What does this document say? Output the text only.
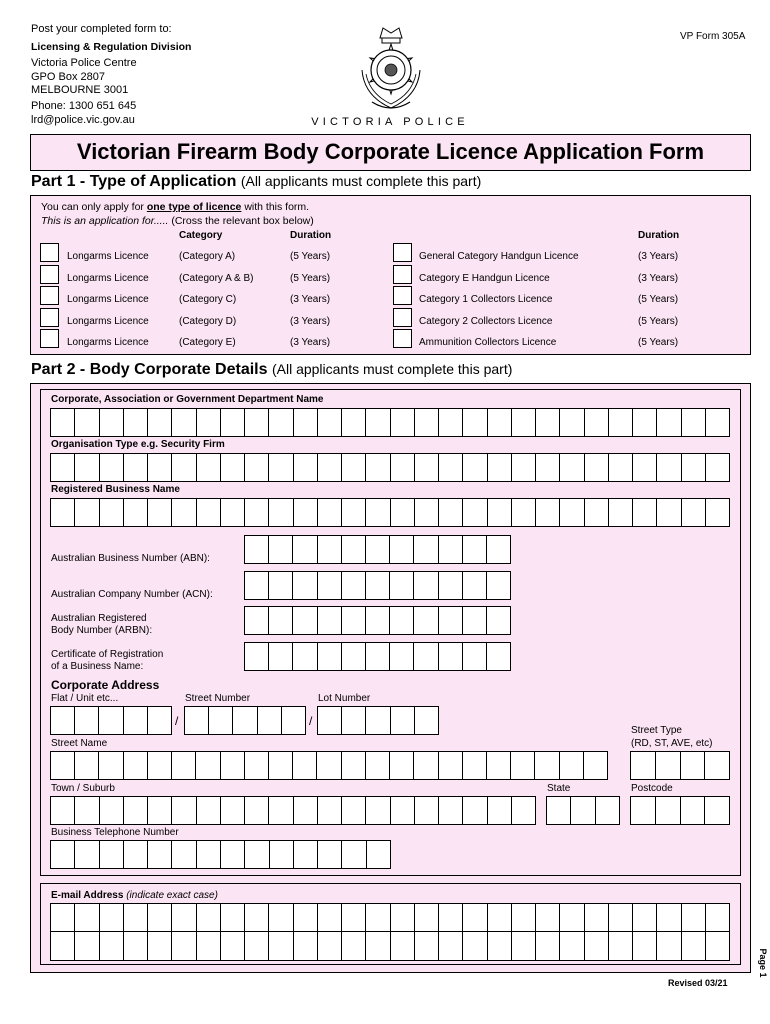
Post your completed form to:
Licensing & Regulation Division
Victoria Police Centre
GPO Box 2807
MELBOURNE 3001
Phone: 1300 651 645
lrd@police.vic.gov.au	VICTORIA POLICE
VP Form 305A
Victorian Firearm Body Corporate Licence Application Form
Part 1 - Type of Application (All applicants must complete this part)
You can only apply for one type of licence with this form.
This is an application for..... (Cross the relevant box below)
Category	Duration	Duration
Longarms Licence	(Category A)	(5 Years)
Longarms Licence	(Category A & B)	(5 Years)
Longarms Licence	(Category C)	(3 Years)
Longarms Licence	(Category D)	(3 Years)
Longarms Licence	(Category E)	(3 Years)
General Category Handgun Licence	(3 Years)
Category E Handgun Licence	(3 Years)
Category 1 Collectors Licence	(5 Years)
Category 2 Collectors Licence	(5 Years)
Ammunition Collectors Licence	(5 Years)
Part 2 - Body Corporate Details (All applicants must complete this part)
Corporate, Association or Government Department Name
Organisation Type e.g. Security Firm
Registered Business Name
Australian Business Number (ABN):
Australian Company Number (ACN):
Australian Registered
Body Number (ARBN):
Certificate of Registration
of a Business Name:
Corporate Address
Flat / Unit etc...	Street Number	Lot Number
/	/
Street Type
(RD, ST, AVE, etc)
Street Name
Town / Suburb	State	Postcode
Business Telephone Number
E-mail Address (indicate exact case)
Page 1
Revised 03/21
